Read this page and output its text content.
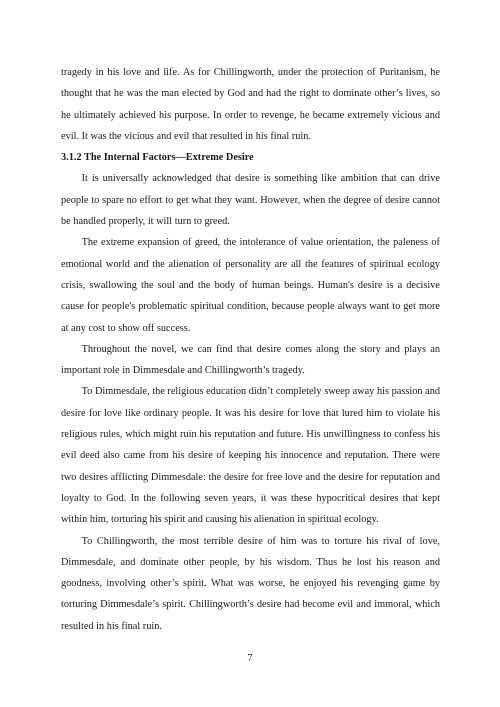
tragedy in his love and life. As for Chillingworth, under the protection of Puritanism, he thought that he was the man elected by God and had the right to dominate other’s lives, so he ultimately achieved his purpose. In order to revenge, he became extremely vicious and evil. It was the vicious and evil that resulted in his final ruin.

3.1.2 The Internal Factors—Extreme Desire

It is universally acknowledged that desire is something like ambition that can drive people to spare no effort to get what they want. However, when the degree of desire cannot be handled properly, it will turn to greed.

The extreme expansion of greed, the intolerance of value orientation, the paleness of emotional world and the alienation of personality are all the features of spiritual ecology crisis, swallowing the soul and the body of human beings. Human's desire is a decisive cause for people's problematic spiritual condition, because people always want to get more at any cost to show off success.

Throughout the novel, we can find that desire comes along the story and plays an important role in Dimmesdale and Chillingworth’s tragedy.

To Dimmesdale, the religious education didn’t completely sweep away his passion and desire for love like ordinary people. It was his desire for love that lured him to violate his religious rules, which might ruin his reputation and future. His unwillingness to confess his evil deed also came from his desire of keeping his innocence and reputation. There were two desires afflicting Dimmesdale: the desire for free love and the desire for reputation and loyalty to God. In the following seven years, it was these hypocritical desires that kept within him, torturing his spirit and causing his alienation in spiritual ecology.

To Chillingworth, the most terrible desire of him was to torture his rival of love, Dimmesdale, and dominate other people, by his wisdom. Thus he lost his reason and goodness, involving other’s spirit. What was worse, he enjoyed his revenging game by torturing Dimmesdale’s spirit. Chillingworth’s desire had become evil and immoral, which resulted in his final ruin.

7
